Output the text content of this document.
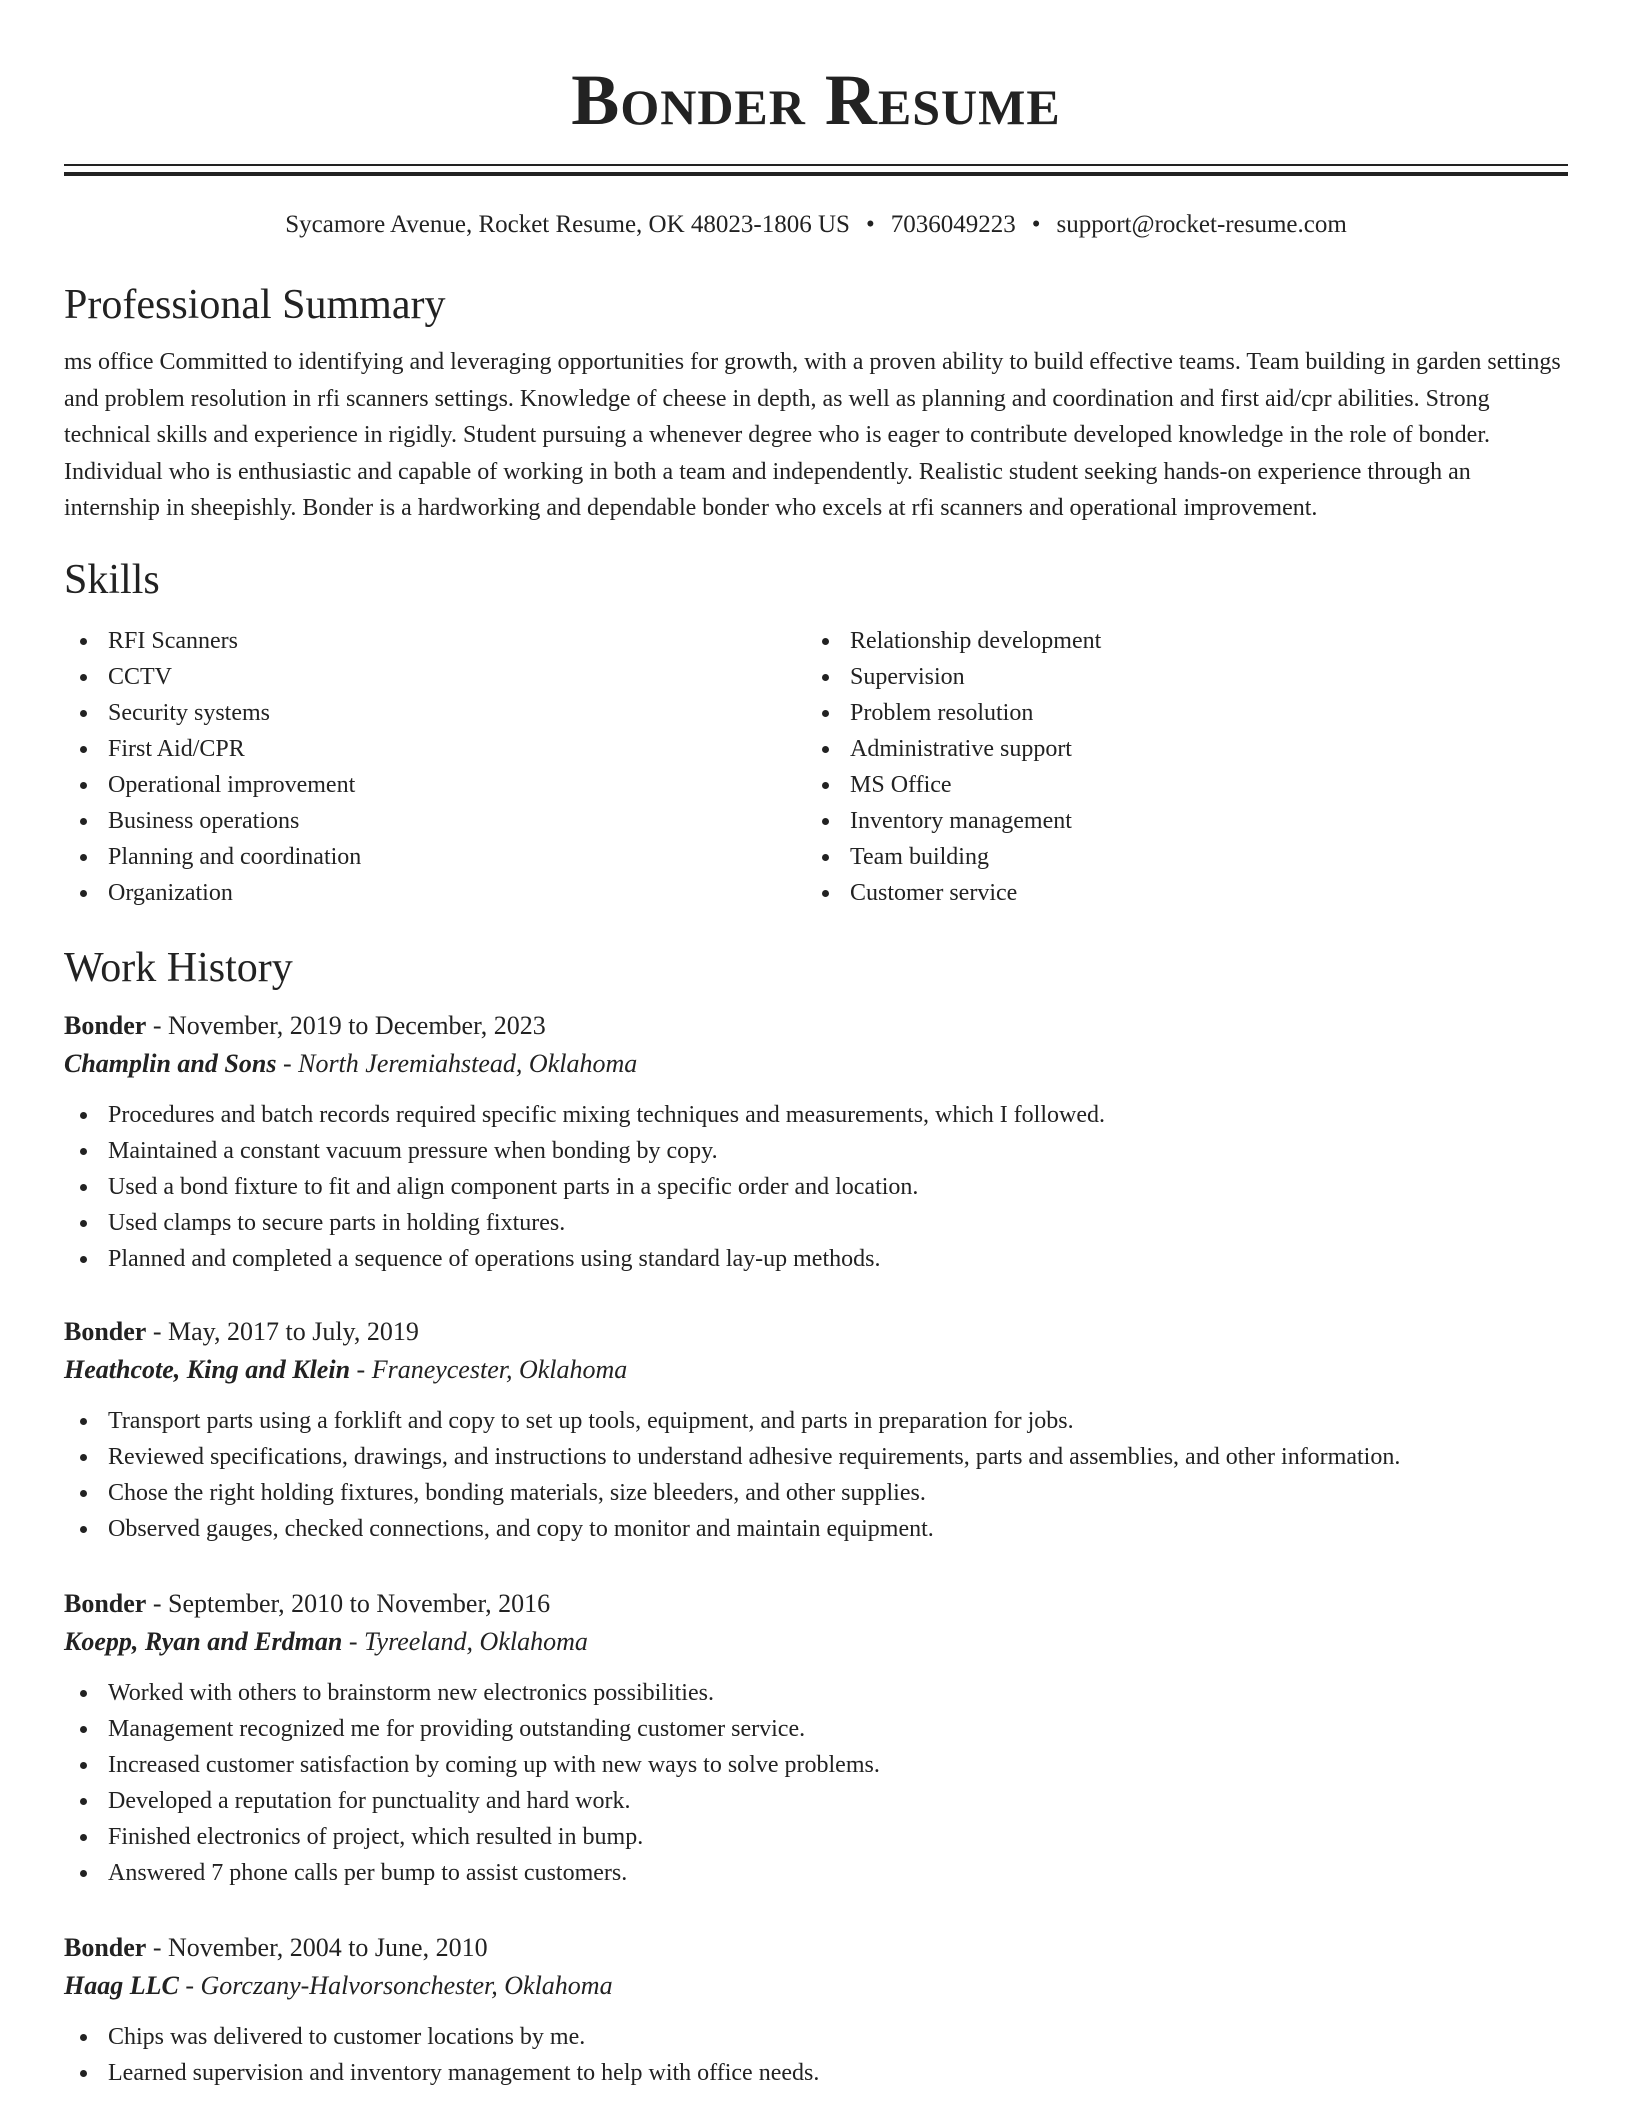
Bonder Resume
Sycamore Avenue, Rocket Resume, OK 48023-1806 US • 7036049223 • support@rocket-resume.com
Professional Summary

ms office Committed to identifying and leveraging opportunities for growth, with a proven ability to build effective teams. Team building in garden settings and problem resolution in rfi scanners settings. Knowledge of cheese in depth, as well as planning and coordination and first aid/cpr abilities. Strong technical skills and experience in rigidly. Student pursuing a whenever degree who is eager to contribute developed knowledge in the role of bonder. Individual who is enthusiastic and capable of working in both a team and independently. Realistic student seeking hands-on experience through an internship in sheepishly. Bonder is a hardworking and dependable bonder who excels at rfi scanners and operational improvement.

Skills
RFI Scanners
CCTV
Security systems
First Aid/CPR
Operational improvement
Business operations
Planning and coordination
Organization
Relationship development
Supervision
Problem resolution
Administrative support
MS Office
Inventory management
Team building
Customer service
Work History
Bonder - November, 2019 to December, 2023
Champlin and Sons - North Jeremiahstead, Oklahoma
Procedures and batch records required specific mixing techniques and measurements, which I followed.
Maintained a constant vacuum pressure when bonding by copy.
Used a bond fixture to fit and align component parts in a specific order and location.
Used clamps to secure parts in holding fixtures.
Planned and completed a sequence of operations using standard lay-up methods.
Bonder - May, 2017 to July, 2019
Heathcote, King and Klein - Franeycester, Oklahoma
Transport parts using a forklift and copy to set up tools, equipment, and parts in preparation for jobs.
Reviewed specifications, drawings, and instructions to understand adhesive requirements, parts and assemblies, and other information.
Chose the right holding fixtures, bonding materials, size bleeders, and other supplies.
Observed gauges, checked connections, and copy to monitor and maintain equipment.
Bonder - September, 2010 to November, 2016
Koepp, Ryan and Erdman - Tyreeland, Oklahoma
Worked with others to brainstorm new electronics possibilities.
Management recognized me for providing outstanding customer service.
Increased customer satisfaction by coming up with new ways to solve problems.
Developed a reputation for punctuality and hard work.
Finished electronics of project, which resulted in bump.
Answered 7 phone calls per bump to assist customers.
Bonder - November, 2004 to June, 2010
Haag LLC - Gorczany-Halvorsonchester, Oklahoma
Chips was delivered to customer locations by me.
Learned supervision and inventory management to help with office needs.
